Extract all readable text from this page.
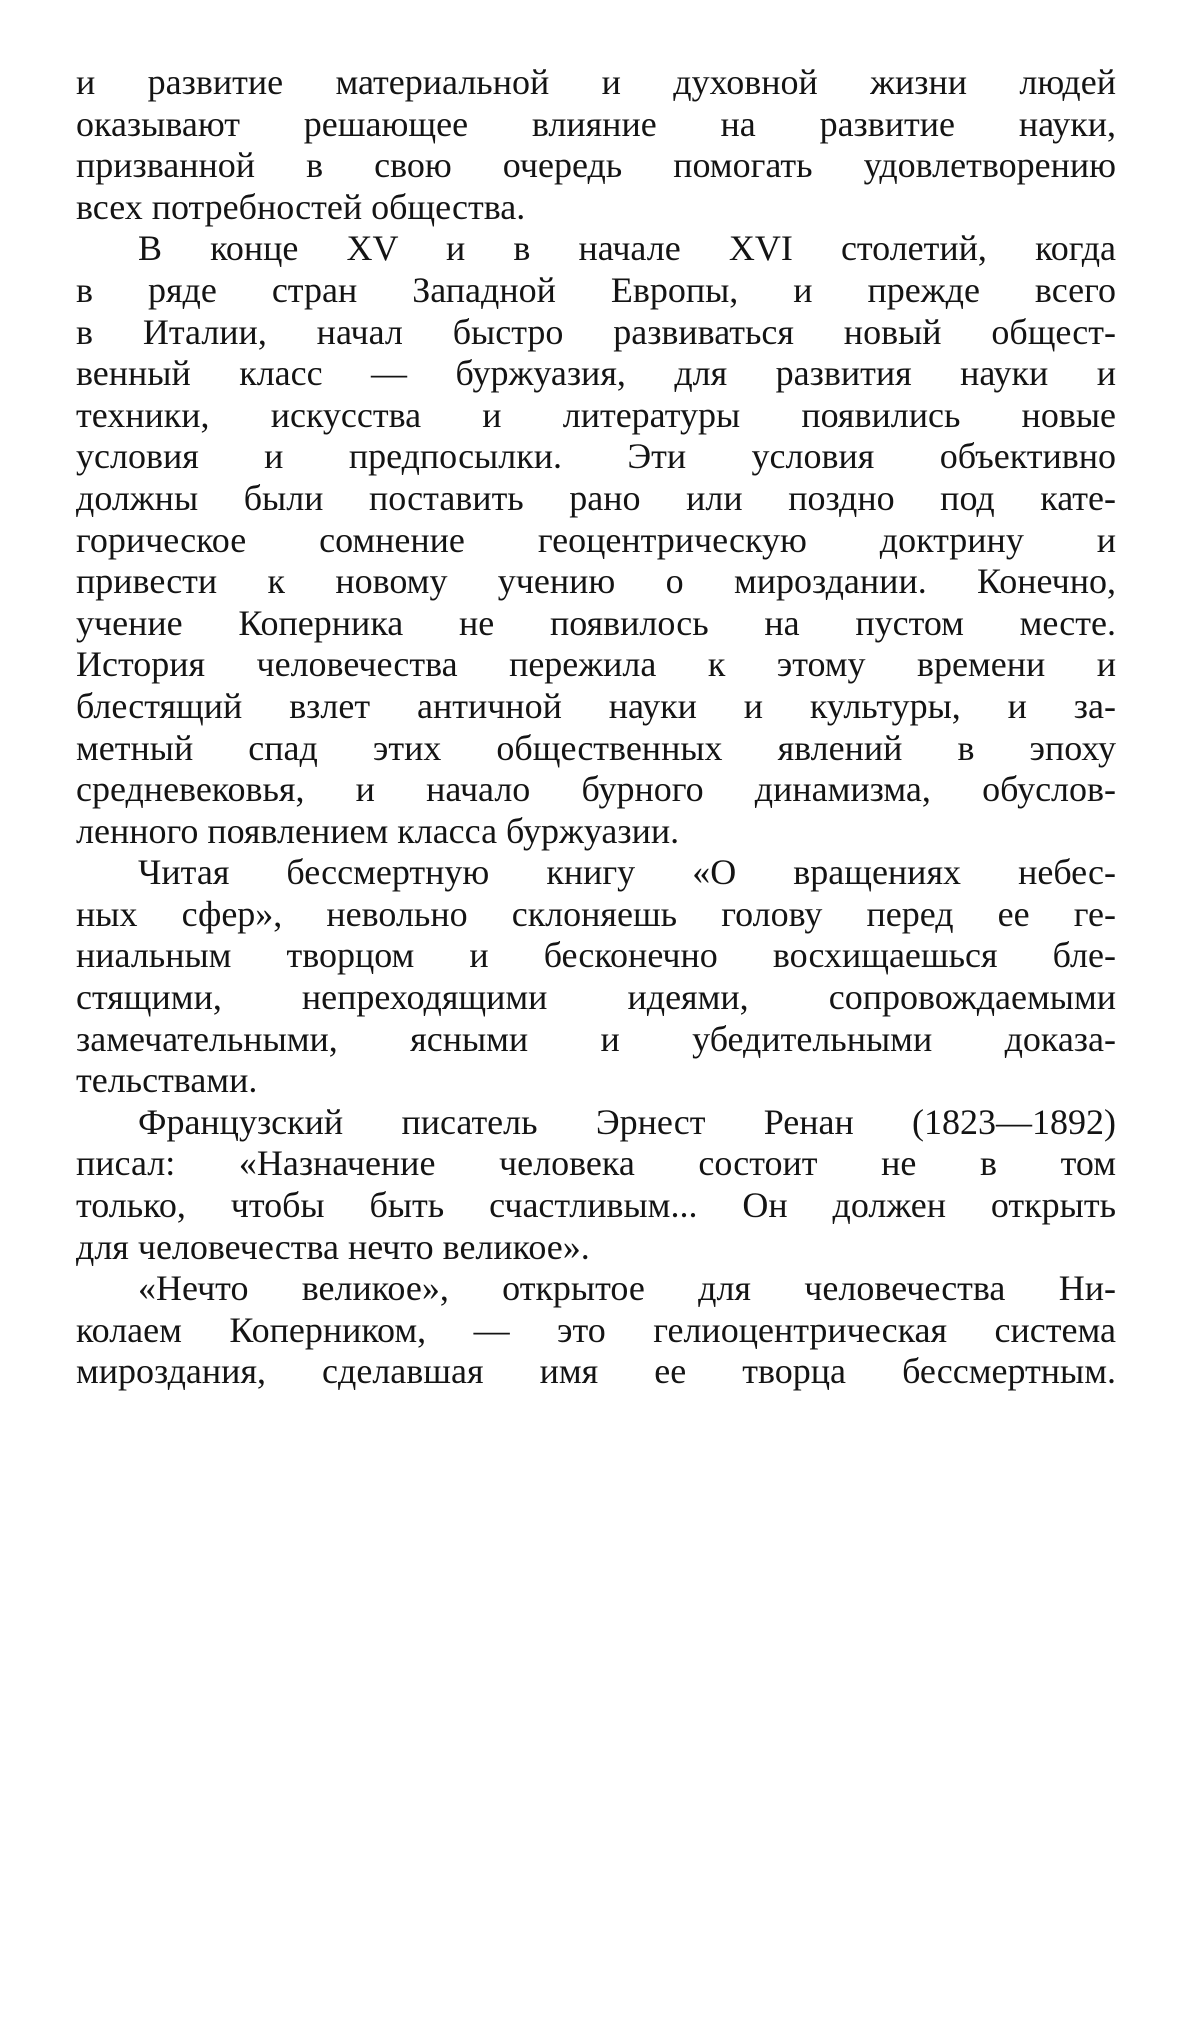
и развитие материальной и духовной жизни людей
оказывают решающее влияние на развитие науки,
призванной в свою очередь помогать удовлетворению
всех потребностей общества.
В конце XV и в начале XVI столетий, когда
в ряде стран Западной Европы, и прежде всего
в Италии, начал быстро развиваться новый общест-
венный класс — буржуазия, для развития науки и
техники, искусства и литературы появились новые
условия и предпосылки. Эти условия объективно
должны были поставить рано или поздно под кате-
горическое сомнение геоцентрическую доктрину и
привести к новому учению о мироздании. Конечно,
учение Коперника не появилось на пустом месте.
История человечества пережила к этому времени и
блестящий взлет античной науки и культуры, и за-
метный спад этих общественных явлений в эпоху
средневековья, и начало бурного динамизма, обуслов-
ленного появлением класса буржуазии.
Читая бессмертную книгу «О вращениях небес-
ных сфер», невольно склоняешь голову перед ее ге-
ниальным творцом и бесконечно восхищаешься бле-
стящими, непреходящими идеями, сопровождаемыми
замечательными, ясными и убедительными доказа-
тельствами.
Французский писатель Эрнест Ренан (1823—1892)
писал: «Назначение человека состоит не в том
только, чтобы быть счастливым... Он должен открыть
для человечества нечто великое».
«Нечто великое», открытое для человечества Ни-
колаем Коперником, — это гелиоцентрическая система
мироздания, сделавшая имя ее творца бессмертным.
